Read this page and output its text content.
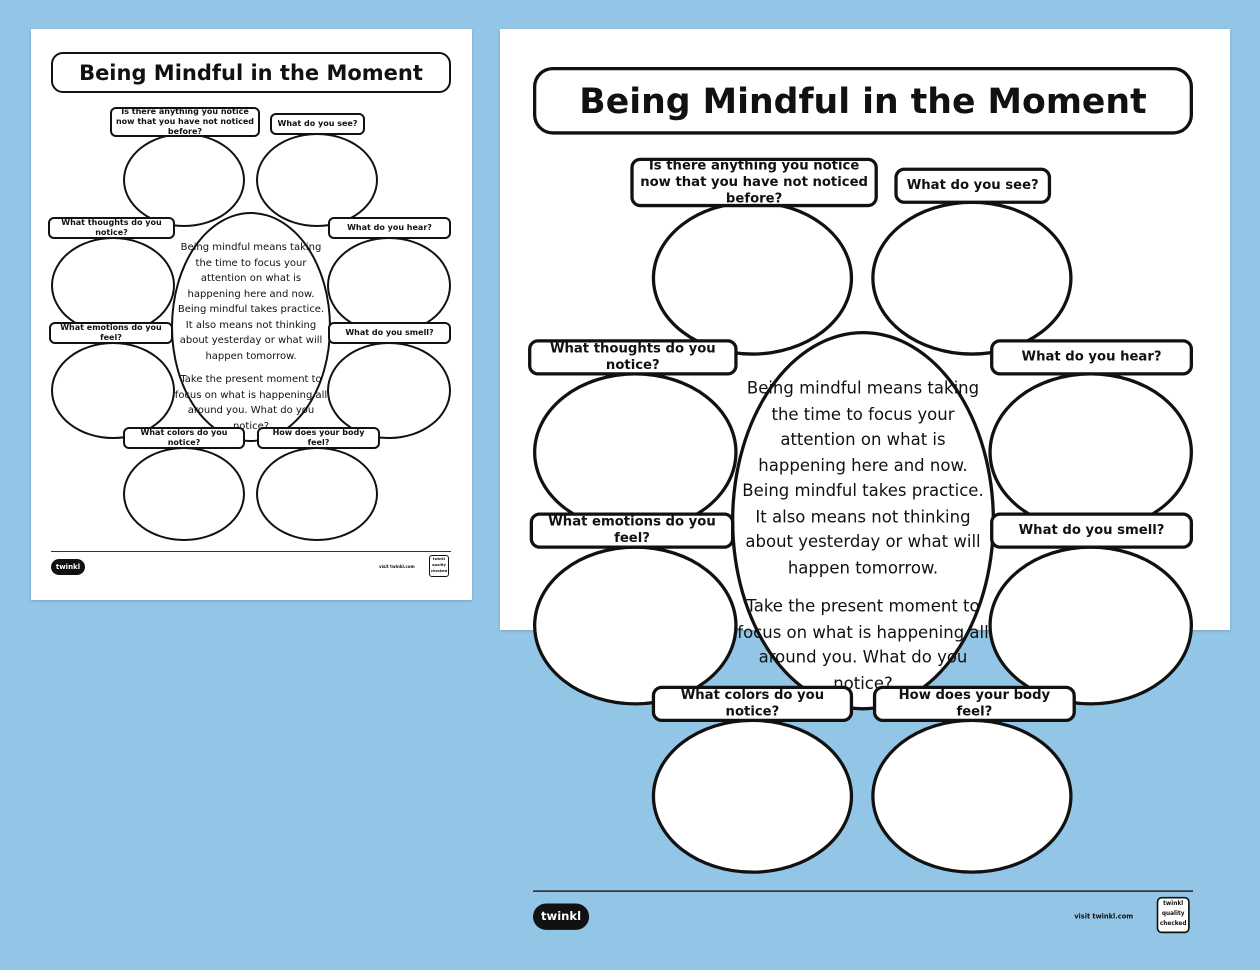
Being Mindful in the Moment
Is there anything you notice now that you have not noticed before?
What do you see?
What thoughts do you notice?
What do you hear?
What emotions do you feel?
What do you smell?
What colors do you notice?
How does your body feel?

Being mindful means taking the time to focus your attention on what is happening here and now. Being mindful takes practice. It also means not thinking about yesterday or what will happen tomorrow.

Take the present moment to focus on what is happening all around you. What do you notice?

twinkl	visit twinkl.com
twinkl quality checked
Being Mindful in the Moment
Is there anything you notice now that you have not noticed before?
What do you see?
What thoughts do you notice?
What do you hear?
What emotions do you feel?
What do you smell?
What colors do you notice?
How does your body feel?

Being mindful means taking the time to focus your attention on what is happening here and now. Being mindful takes practice. It also means not thinking about yesterday or what will happen tomorrow.

Take the present moment to focus on what is happening all around you. What do you notice?

twinkl	visit twinkl.com
twinkl quality checked
